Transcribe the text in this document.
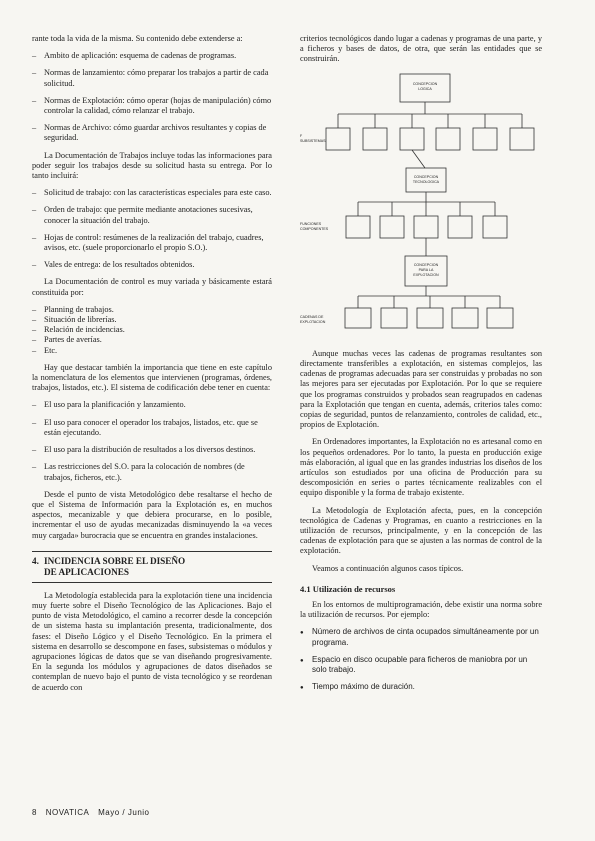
rante toda la vida de la misma. Su contenido debe extenderse a:

– Ambito de aplicación: esquema de cadenas de programas.
– Normas de lanzamiento: cómo preparar los trabajos a partir de cada solicitud.
– Normas de Explotación: cómo operar (hojas de manipulación) cómo controlar la calidad, cómo relanzar el trabajo.
– Normas de Archivo: cómo guardar archivos resultantes y copias de seguridad.

La Documentación de Trabajos incluye todas las informaciones para poder seguir los trabajos desde su solicitud hasta su entrega. Por lo tanto incluirá:

– Solicitud de trabajo: con las características especiales para este caso.
– Orden de trabajo: que permite mediante anotaciones sucesivas, conocer la situación del trabajo.
– Hojas de control: resúmenes de la realización del trabajo, cuadres, avisos, etc. (suele proporcionarlo el propio S.O.).
– Vales de entrega: de los resultados obtenidos.

La Documentación de control es muy variada y básicamente estará constituida por:

– Planning de trabajos.
– Situación de librerías.
– Relación de incidencias.
– Partes de averías.
– Etc.

Hay que destacar también la importancia que tiene en este capítulo la nomenclatura de los elementos que intervienen (programas, órdenes, trabajos, listados, etc.). El sistema de codificación debe tener en cuenta:

– El uso para la planificación y lanzamiento.
– El uso para conocer el operador los trabajos, listados, etc. que se están ejecutando.
– El uso para la distribución de resultados a los diversos destinos.
– Las restricciones del S.O. para la colocación de nombres (de trabajos, ficheros, etc.).

Desde el punto de vista Metodológico debe resaltarse el hecho de que el Sistema de Información para la Explotación es, en muchos aspectos, mecanizable y que debiera procurarse, en lo posible, incrementar el uso de ayudas mecanizadas disminuyendo la «a veces muy cargada» burocracia que se encuentra en grandes instalaciones.

4. INCIDENCIA SOBRE EL DISEÑO
DE APLICACIONES

La Metodología establecida para la explotación tiene una incidencia muy fuerte sobre el Diseño Tecnológico de las Aplicaciones. Bajo el punto de vista Metodológico, el camino a recorrer desde la concepción de un sistema hasta su implantación presenta, tradicionalmente, dos fases: el Diseño Lógico y el Diseño Tecnológico. En la primera el sistema en desarrollo se descompone en fases, subsistemas o módulos y agrupaciones lógicas de datos que se van diseñando progresivamente. En la segunda los módulos y agrupaciones de datos diseñados se contemplan de nuevo bajo el punto de vista tecnológico y se reordenan de acuerdo con

criterios tecnológicos dando lugar a cadenas y programas de una parte, y a ficheros y bases de datos, de otra, que serán las entidades que se construirán.

CONCEPCION
LOGICA
CONCEPCION
TECNOLOGICA
CONCEPCION
PARA LA
EXPLOTACION
F
SUBSISTEMAS
FUNCIONES
COMPONENTES
CADENAS DE
EXPLOTACION

Aunque muchas veces las cadenas de programas resultantes son directamente transferibles a explotación, en sistemas complejos, las cadenas de programas adecuadas para ser construidas y probadas no son las mejores para ser ejecutadas por Explotación. Por lo que se requiere que los programas construidos y probados sean reagrupados en cadenas para la Explotación que tengan en cuenta, además, criterios tales como: copias de seguridad, puntos de relanzamiento, controles de calidad, etc., propios de Explotación.

En Ordenadores importantes, la Explotación no es artesanal como en los pequeños ordenadores. Por lo tanto, la puesta en producción exige más elaboración, al igual que en las grandes industrias los diseños de los artículos son estudiados por una oficina de Producción para su descomposición en series o partes técnicamente realizables con el equipo disponible y la forma de trabajo existente.

La Metodología de Explotación afecta, pues, en la concepción tecnológica de Cadenas y Programas, en cuanto a restricciones en la utilización de recursos, principalmente, y en la concepción de las cadenas de explotación para que se ajusten a las normas de control de la explotación.

Veamos a continuación algunos casos típicos.

4.1 Utilización de recursos

En los entornos de multiprogramación, debe existir una norma sobre la utilización de recursos. Por ejemplo:

● Número de archivos de cinta ocupados simultáneamente por un programa.
● Espacio en disco ocupable para ficheros de maniobra por un solo trabajo.
● Tiempo máximo de duración.
8 NOVATICA Mayo / Junio
